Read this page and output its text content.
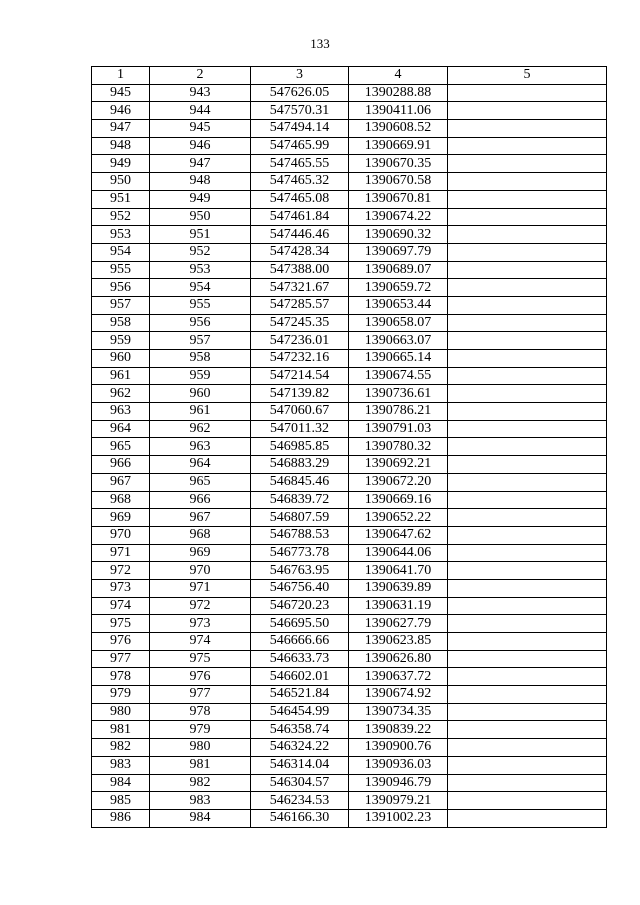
133
1	2	3	4	5
945	943	547626.05	1390288.88	
946	944	547570.31	1390411.06	
947	945	547494.14	1390608.52	
948	946	547465.99	1390669.91	
949	947	547465.55	1390670.35	
950	948	547465.32	1390670.58	
951	949	547465.08	1390670.81	
952	950	547461.84	1390674.22	
953	951	547446.46	1390690.32	
954	952	547428.34	1390697.79	
955	953	547388.00	1390689.07	
956	954	547321.67	1390659.72	
957	955	547285.57	1390653.44	
958	956	547245.35	1390658.07	
959	957	547236.01	1390663.07	
960	958	547232.16	1390665.14	
961	959	547214.54	1390674.55	
962	960	547139.82	1390736.61	
963	961	547060.67	1390786.21	
964	962	547011.32	1390791.03	
965	963	546985.85	1390780.32	
966	964	546883.29	1390692.21	
967	965	546845.46	1390672.20	
968	966	546839.72	1390669.16	
969	967	546807.59	1390652.22	
970	968	546788.53	1390647.62	
971	969	546773.78	1390644.06	
972	970	546763.95	1390641.70	
973	971	546756.40	1390639.89	
974	972	546720.23	1390631.19	
975	973	546695.50	1390627.79	
976	974	546666.66	1390623.85	
977	975	546633.73	1390626.80	
978	976	546602.01	1390637.72	
979	977	546521.84	1390674.92	
980	978	546454.99	1390734.35	
981	979	546358.74	1390839.22	
982	980	546324.22	1390900.76	
983	981	546314.04	1390936.03	
984	982	546304.57	1390946.79	
985	983	546234.53	1390979.21	
986	984	546166.30	1391002.23	
